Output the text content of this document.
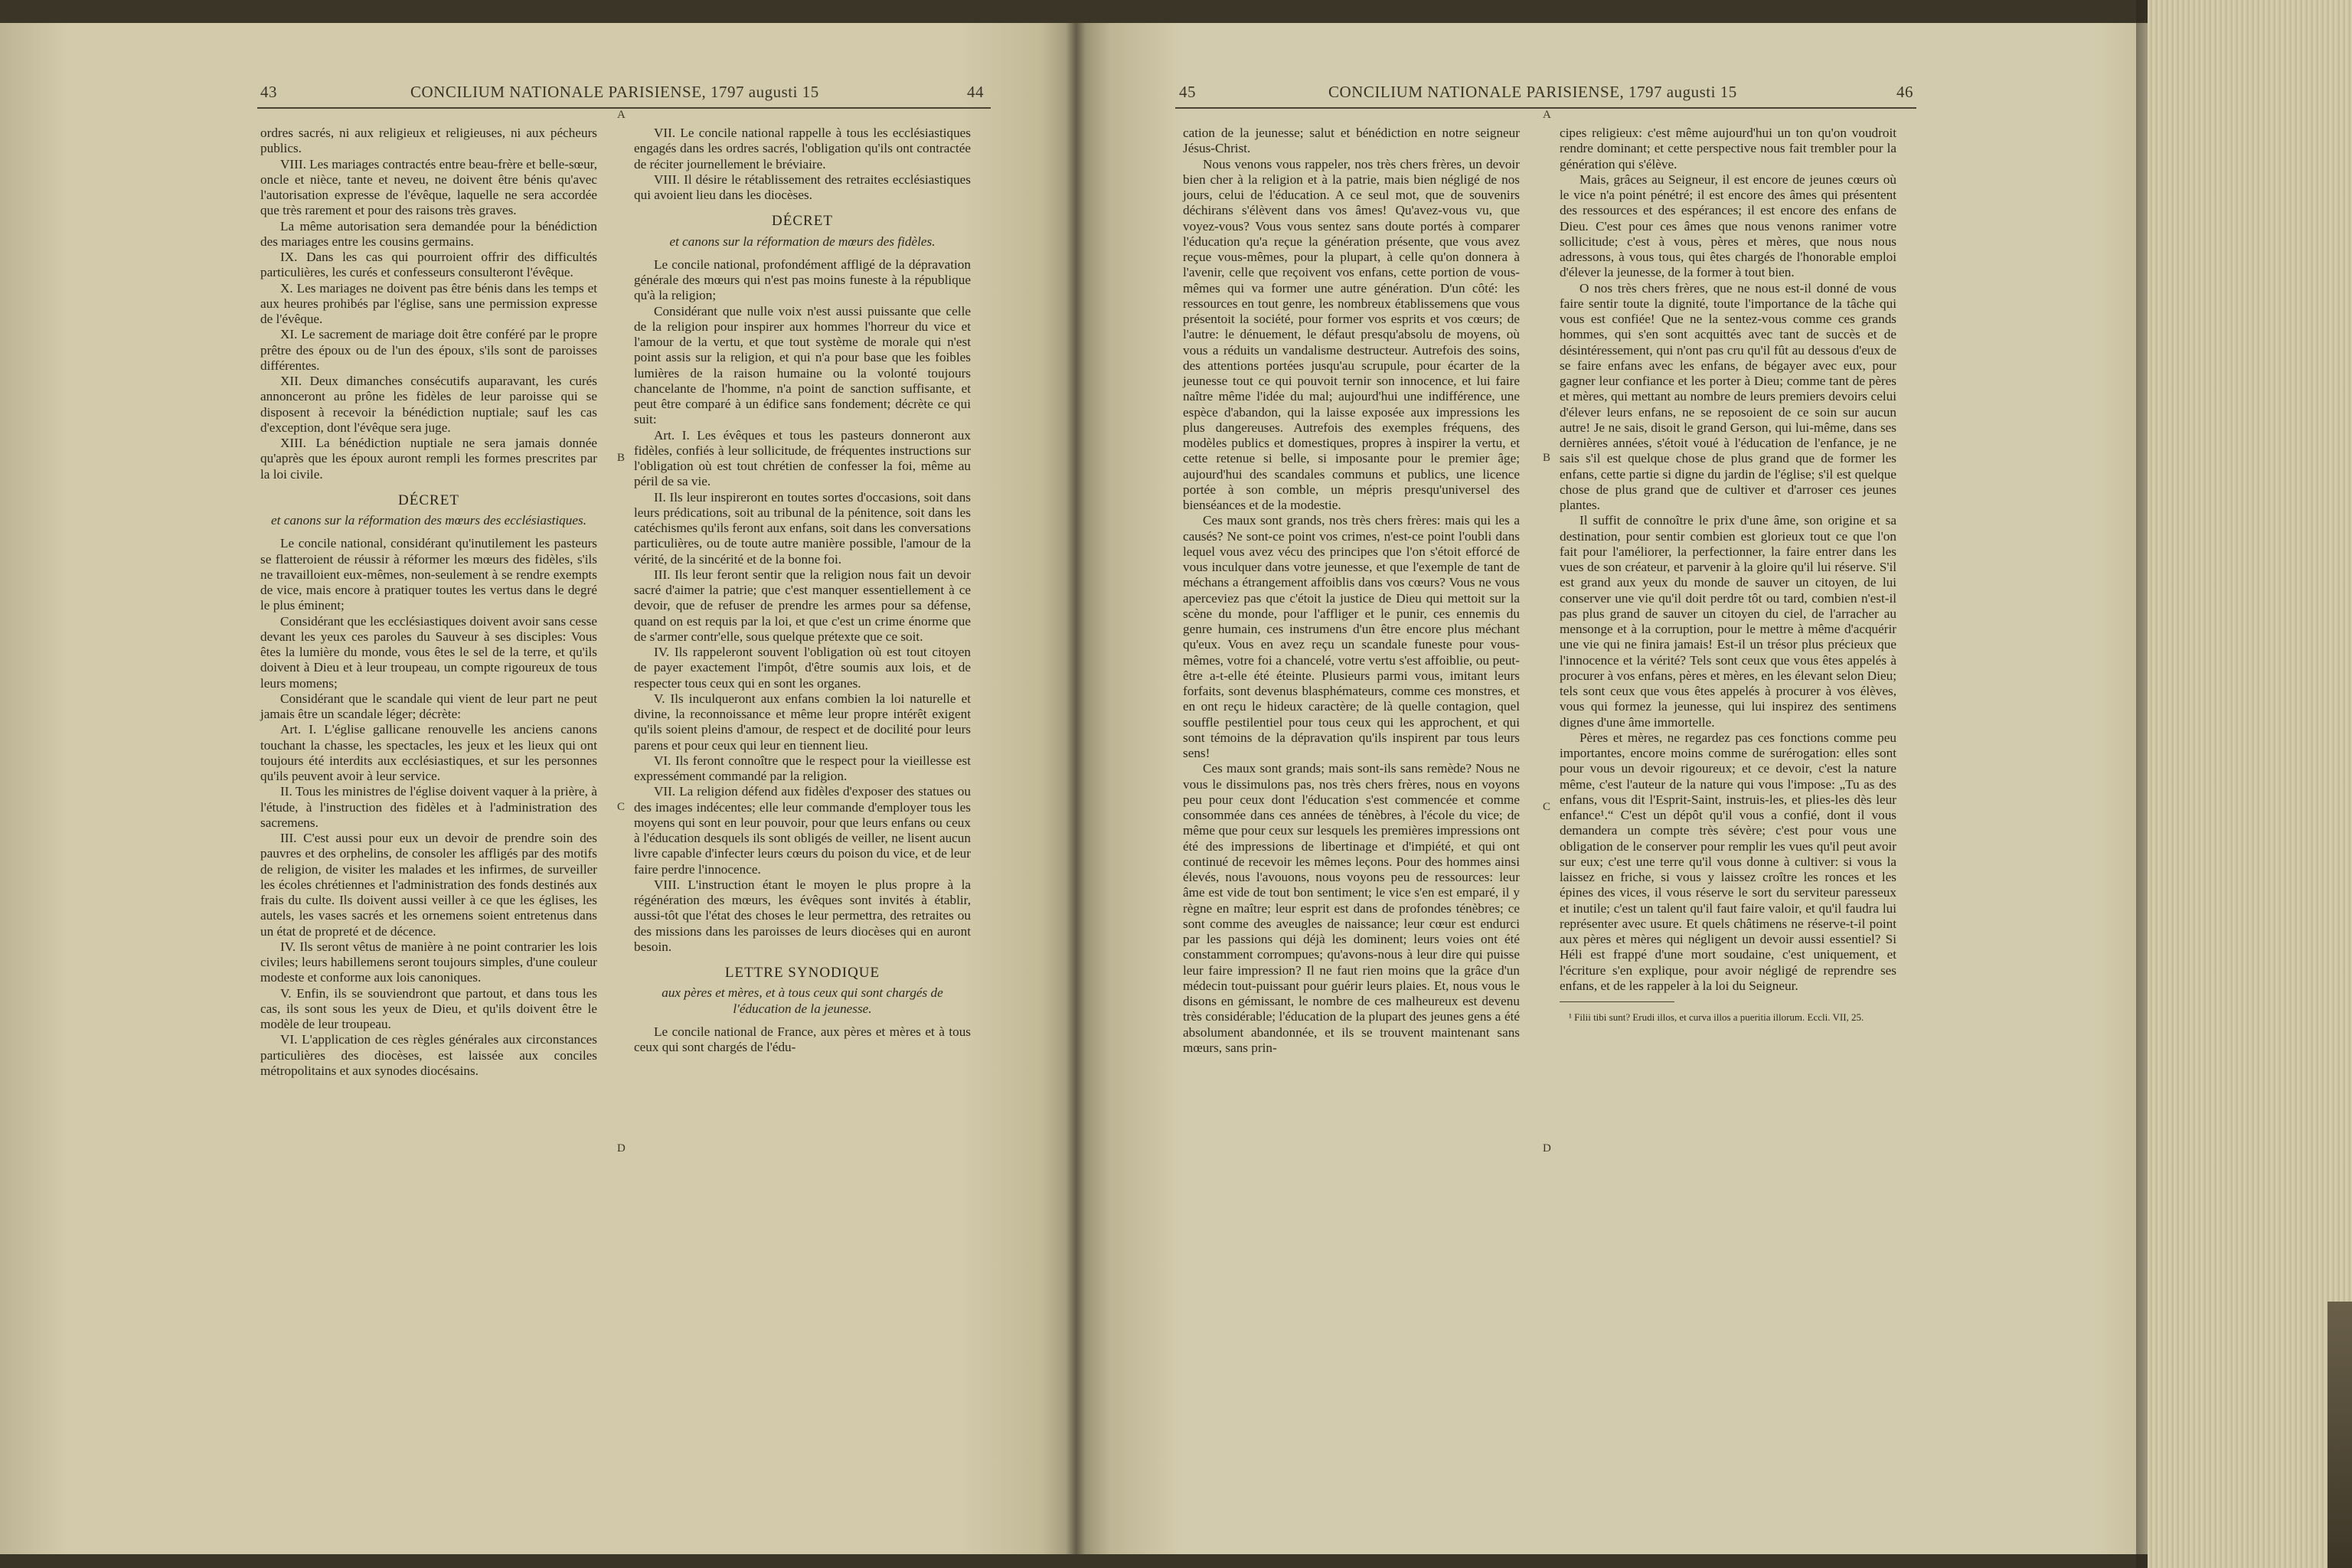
43	CONCILIUM NATIONALE PARISIENSE, 1797 augusti 15	44

ordres sacrés, ni aux religieux et religieuses, ni aux pécheurs publics.

VIII. Les mariages contractés entre beau-frère et belle-sœur, oncle et nièce, tante et neveu, ne doivent être bénis qu'avec l'autorisation expresse de l'évêque, laquelle ne sera accordée que très rarement et pour des raisons très graves.

La même autorisation sera demandée pour la bénédiction des mariages entre les cousins germains.

IX. Dans les cas qui pourroient offrir des difficultés particulières, les curés et confesseurs consulteront l'évêque.

X. Les mariages ne doivent pas être bénis dans les temps et aux heures prohibés par l'église, sans une permission expresse de l'évêque.

XI. Le sacrement de mariage doit être conféré par le propre prêtre des époux ou de l'un des époux, s'ils sont de paroisses différentes.

XII. Deux dimanches consécutifs auparavant, les curés annonceront au prône les fidèles de leur paroisse qui se disposent à recevoir la bénédiction nuptiale; sauf les cas d'exception, dont l'évêque sera juge.

XIII. La bénédiction nuptiale ne sera jamais donnée qu'après que les époux auront rempli les formes prescrites par la loi civile.

DÉCRET
et canons sur la réformation des mœurs des ecclésiastiques.

Le concile national, considérant qu'inutilement les pasteurs se flatteroient de réussir à réformer les mœurs des fidèles, s'ils ne travailloient eux-mêmes, non-seulement à se rendre exempts de vice, mais encore à pratiquer toutes les vertus dans le degré le plus éminent;

Considérant que les ecclésiastiques doivent avoir sans cesse devant les yeux ces paroles du Sauveur à ses disciples: Vous êtes la lumière du monde, vous êtes le sel de la terre, et qu'ils doivent à Dieu et à leur troupeau, un compte rigoureux de tous leurs momens;

Considérant que le scandale qui vient de leur part ne peut jamais être un scandale léger; décrète:

Art. I. L'église gallicane renouvelle les anciens canons touchant la chasse, les spectacles, les jeux et les lieux qui ont toujours été interdits aux ecclésiastiques, et sur les personnes qu'ils peuvent avoir à leur service.

II. Tous les ministres de l'église doivent vaquer à la prière, à l'étude, à l'instruction des fidèles et à l'administration des sacremens.

III. C'est aussi pour eux un devoir de prendre soin des pauvres et des orphelins, de consoler les affligés par des motifs de religion, de visiter les malades et les infirmes, de surveiller les écoles chrétiennes et l'administration des fonds destinés aux frais du culte. Ils doivent aussi veiller à ce que les églises, les autels, les vases sacrés et les ornemens soient entretenus dans un état de propreté et de décence.

IV. Ils seront vêtus de manière à ne point contrarier les lois civiles; leurs habillemens seront toujours simples, d'une couleur modeste et conforme aux lois canoniques.

V. Enfin, ils se souviendront que partout, et dans tous les cas, ils sont sous les yeux de Dieu, et qu'ils doivent être le modèle de leur troupeau.

VI. L'application de ces règles générales aux circonstances particulières des diocèses, est laissée aux conciles métropolitains et aux synodes diocésains.

VII. Le concile national rappelle à tous les ecclésiastiques engagés dans les ordres sacrés, l'obligation qu'ils ont contractée de réciter journellement le bréviaire.

VIII. Il désire le rétablissement des retraites ecclésiastiques qui avoient lieu dans les diocèses.

DÉCRET
et canons sur la réformation de mœurs des fidèles.

Le concile national, profondément affligé de la dépravation générale des mœurs qui n'est pas moins funeste à la république qu'à la religion;

Considérant que nulle voix n'est aussi puissante que celle de la religion pour inspirer aux hommes l'horreur du vice et l'amour de la vertu, et que tout système de morale qui n'est point assis sur la religion, et qui n'a pour base que les foibles lumières de la raison humaine ou la volonté toujours chancelante de l'homme, n'a point de sanction suffisante, et peut être comparé à un édifice sans fondement; décrète ce qui suit:

Art. I. Les évêques et tous les pasteurs donneront aux fidèles, confiés à leur sollicitude, de fréquentes instructions sur l'obligation où est tout chrétien de confesser la foi, même au péril de sa vie.

II. Ils leur inspireront en toutes sortes d'occasions, soit dans leurs prédications, soit au tribunal de la pénitence, soit dans les catéchismes qu'ils feront aux enfans, soit dans les conversations particulières, ou de toute autre manière possible, l'amour de la vérité, de la sincérité et de la bonne foi.

III. Ils leur feront sentir que la religion nous fait un devoir sacré d'aimer la patrie; que c'est manquer essentiellement à ce devoir, que de refuser de prendre les armes pour sa défense, quand on est requis par la loi, et que c'est un crime énorme que de s'armer contr'elle, sous quelque prétexte que ce soit.

IV. Ils rappeleront souvent l'obligation où est tout citoyen de payer exactement l'impôt, d'être soumis aux lois, et de respecter tous ceux qui en sont les organes.

V. Ils inculqueront aux enfans combien la loi naturelle et divine, la reconnoissance et même leur propre intérêt exigent qu'ils soient pleins d'amour, de respect et de docilité pour leurs parens et pour ceux qui leur en tiennent lieu.

VI. Ils feront connoître que le respect pour la vieillesse est expressément commandé par la religion.

VII. La religion défend aux fidèles d'exposer des statues ou des images indécentes; elle leur commande d'employer tous les moyens qui sont en leur pouvoir, pour que leurs enfans ou ceux à l'éducation desquels ils sont obligés de veiller, ne lisent aucun livre capable d'infecter leurs cœurs du poison du vice, et de leur faire perdre l'innocence.

VIII. L'instruction étant le moyen le plus propre à la régénération des mœurs, les évêques sont invités à établir, aussi-tôt que l'état des choses le leur permettra, des retraites ou des missions dans les paroisses de leurs diocèses qui en auront besoin.

LETTRE SYNODIQUE
aux pères et mères, et à tous ceux qui sont chargés de l'éducation de la jeunesse.

Le concile national de France, aux pères et mères et à tous ceux qui sont chargés de l'édu-

A
B
C
D
45	CONCILIUM NATIONALE PARISIENSE, 1797 augusti 15	46

cation de la jeunesse; salut et bénédiction en notre seigneur Jésus-Christ.

Nous venons vous rappeler, nos très chers frères, un devoir bien cher à la religion et à la patrie, mais bien négligé de nos jours, celui de l'éducation. A ce seul mot, que de souvenirs déchirans s'élèvent dans vos âmes! Qu'avez-vous vu, que voyez-vous? Vous vous sentez sans doute portés à comparer l'éducation qu'a reçue la génération présente, que vous avez reçue vous-mêmes, pour la plupart, à celle qu'on donnera à l'avenir, celle que reçoivent vos enfans, cette portion de vous-mêmes qui va former une autre génération. D'un côté: les ressources en tout genre, les nombreux établissemens que vous présentoit la société, pour former vos esprits et vos cœurs; de l'autre: le dénuement, le défaut presqu'absolu de moyens, où vous a réduits un vandalisme destructeur. Autrefois des soins, des attentions portées jusqu'au scrupule, pour écarter de la jeunesse tout ce qui pouvoit ternir son innocence, et lui faire naître même l'idée du mal; aujourd'hui une indifférence, une espèce d'abandon, qui la laisse exposée aux impressions les plus dangereuses. Autrefois des exemples fréquens, des modèles publics et domestiques, propres à inspirer la vertu, et cette retenue si belle, si imposante pour le premier âge; aujourd'hui des scandales communs et publics, une licence portée à son comble, un mépris presqu'universel des bienséances et de la modestie.

Ces maux sont grands, nos très chers frères: mais qui les a causés? Ne sont-ce point vos crimes, n'est-ce point l'oubli dans lequel vous avez vécu des principes que l'on s'étoit efforcé de vous inculquer dans votre jeunesse, et que l'exemple de tant de méchans a étrangement affoiblis dans vos cœurs? Vous ne vous aperceviez pas que c'étoit la justice de Dieu qui mettoit sur la scène du monde, pour l'affliger et le punir, ces ennemis du genre humain, ces instrumens d'un être encore plus méchant qu'eux. Vous en avez reçu un scandale funeste pour vous-mêmes, votre foi a chancelé, votre vertu s'est affoiblie, ou peut-être a-t-elle été éteinte. Plusieurs parmi vous, imitant leurs forfaits, sont devenus blasphémateurs, comme ces monstres, et en ont reçu le hideux caractère; de là quelle contagion, quel souffle pestilentiel pour tous ceux qui les approchent, et qui sont témoins de la dépravation qu'ils inspirent par tous leurs sens!

Ces maux sont grands; mais sont-ils sans remède? Nous ne vous le dissimulons pas, nos très chers frères, nous en voyons peu pour ceux dont l'éducation s'est commencée et comme consommée dans ces années de ténèbres, à l'école du vice; de même que pour ceux sur lesquels les premières impressions ont été des impressions de libertinage et d'impiété, et qui ont continué de recevoir les mêmes leçons. Pour des hommes ainsi élevés, nous l'avouons, nous voyons peu de ressources: leur âme est vide de tout bon sentiment; le vice s'en est emparé, il y règne en maître; leur esprit est dans de profondes ténèbres; ce sont comme des aveugles de naissance; leur cœur est endurci par les passions qui déjà les dominent; leurs voies ont été constamment corrompues; qu'avons-nous à leur dire qui puisse leur faire impression? Il ne faut rien moins que la grâce d'un médecin tout-puissant pour guérir leurs plaies. Et, nous vous le disons en gémissant, le nombre de ces malheureux est devenu très considérable; l'éducation de la plupart des jeunes gens a été absolument abandonnée, et ils se trouvent maintenant sans mœurs, sans prin-

cipes religieux: c'est même aujourd'hui un ton qu'on voudroit rendre dominant; et cette perspective nous fait trembler pour la génération qui s'élève.

Mais, grâces au Seigneur, il est encore de jeunes cœurs où le vice n'a point pénétré; il est encore des âmes qui présentent des ressources et des espérances; il est encore des enfans de Dieu. C'est pour ces âmes que nous venons ranimer votre sollicitude; c'est à vous, pères et mères, que nous nous adressons, à vous tous, qui êtes chargés de l'honorable emploi d'élever la jeunesse, de la former à tout bien.

O nos très chers frères, que ne nous est-il donné de vous faire sentir toute la dignité, toute l'importance de la tâche qui vous est confiée! Que ne la sentez-vous comme ces grands hommes, qui s'en sont acquittés avec tant de succès et de désintéressement, qui n'ont pas cru qu'il fût au dessous d'eux de se faire enfans avec les enfans, de bégayer avec eux, pour gagner leur confiance et les porter à Dieu; comme tant de pères et mères, qui mettant au nombre de leurs premiers devoirs celui d'élever leurs enfans, ne se reposoient de ce soin sur aucun autre! Je ne sais, disoit le grand Gerson, qui lui-même, dans ses dernières années, s'étoit voué à l'éducation de l'enfance, je ne sais s'il est quelque chose de plus grand que de former les enfans, cette partie si digne du jardin de l'église; s'il est quelque chose de plus grand que de cultiver et d'arroser ces jeunes plantes.

Il suffit de connoître le prix d'une âme, son origine et sa destination, pour sentir combien est glorieux tout ce que l'on fait pour l'améliorer, la perfectionner, la faire entrer dans les vues de son créateur, et parvenir à la gloire qu'il lui réserve. S'il est grand aux yeux du monde de sauver un citoyen, de lui conserver une vie qu'il doit perdre tôt ou tard, combien n'est-il pas plus grand de sauver un citoyen du ciel, de l'arracher au mensonge et à la corruption, pour le mettre à même d'acquérir une vie qui ne finira jamais! Est-il un trésor plus précieux que l'innocence et la vérité? Tels sont ceux que vous êtes appelés à procurer à vos enfans, pères et mères, en les élevant selon Dieu; tels sont ceux que vous êtes appelés à procurer à vos élèves, vous qui formez la jeunesse, qui lui inspirez des sentimens dignes d'une âme immortelle.

Pères et mères, ne regardez pas ces fonctions comme peu importantes, encore moins comme de surérogation: elles sont pour vous un devoir rigoureux; et ce devoir, c'est la nature même, c'est l'auteur de la nature qui vous l'impose: „Tu as des enfans, vous dit l'Esprit-Saint, instruis-les, et plies-les dès leur enfance¹.“ C'est un dépôt qu'il vous a confié, dont il vous demandera un compte très sévère; c'est pour vous une obligation de le conserver pour remplir les vues qu'il peut avoir sur eux; c'est une terre qu'il vous donne à cultiver: si vous la laissez en friche, si vous y laissez croître les ronces et les épines des vices, il vous réserve le sort du serviteur paresseux et inutile; c'est un talent qu'il faut faire valoir, et qu'il faudra lui représenter avec usure. Et quels châtimens ne réserve-t-il point aux pères et mères qui négligent un devoir aussi essentiel? Si Héli est frappé d'une mort soudaine, c'est uniquement, et l'écriture s'en explique, pour avoir négligé de reprendre ses enfans, et de les rappeler à la loi du Seigneur.

¹ Filii tibi sunt? Erudi illos, et curva illos a pueritia illorum. Eccli. VII, 25.

A
B
C
D
